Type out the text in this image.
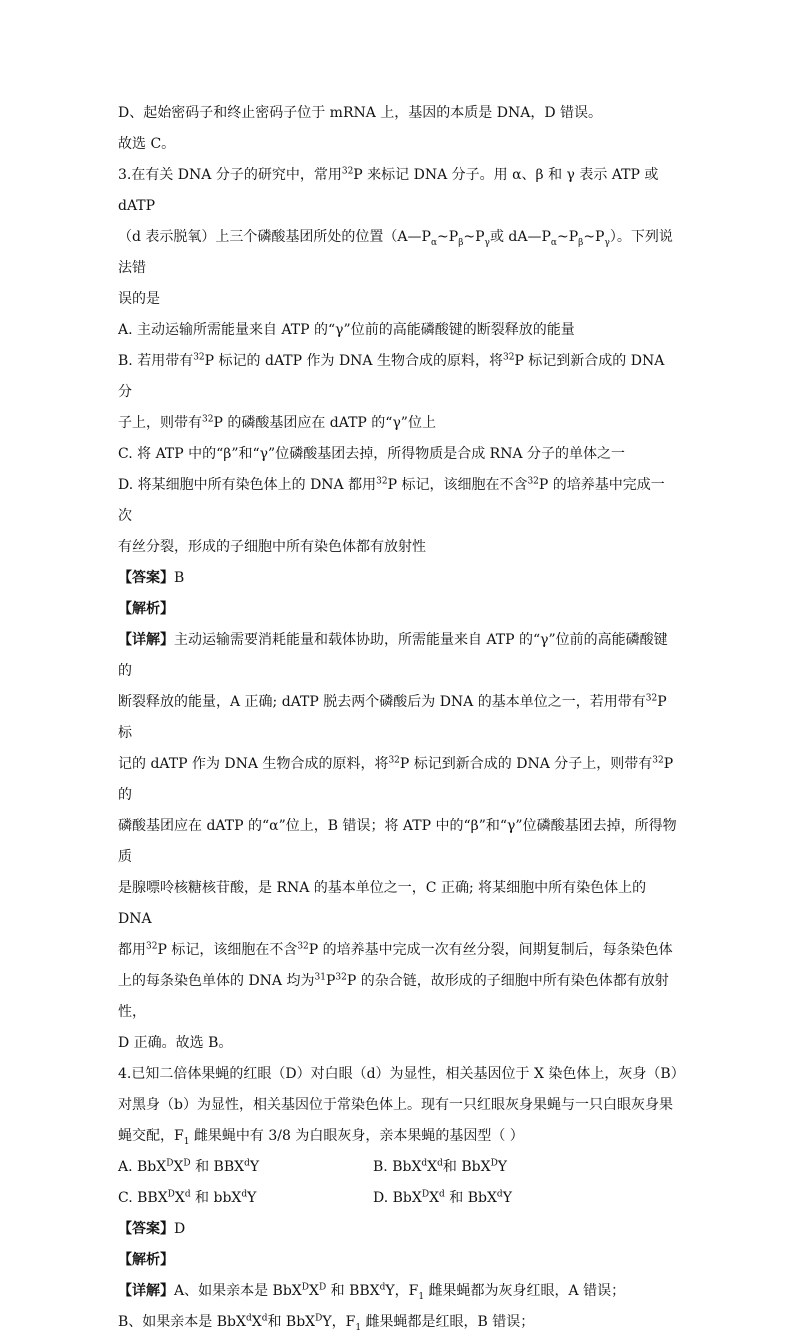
D、起始密码子和终止密码子位于 mRNA 上，基因的本质是 DNA，D 错误。

故选 C。

3.在有关 DNA 分子的研究中，常用$^{32}$P 来标记 DNA 分子。用 α、β 和 γ 表示 ATP 或 dATP

（d 表示脱氧）上三个磷酸基团所处的位置（$A—P_\alpha\sim P_\beta\sim P_\gamma$或 $dA—P_\alpha\sim P_\beta\sim P_\gamma$）。下列说法错

误的是

A. 主动运输所需能量来自 ATP 的“γ”位前的高能磷酸键的断裂释放的能量

B. 若用带有$^{32}$P 标记的 dATP 作为 DNA 生物合成的原料，将$^{32}$P 标记到新合成的 DNA 分

子上，则带有$^{32}$P 的磷酸基团应在 dATP 的“γ”位上

C. 将 ATP 中的“β”和“γ”位磷酸基团去掉，所得物质是合成 RNA 分子的单体之一

D. 将某细胞中所有染色体上的 DNA 都用$^{32}$P 标记，该细胞在不含$^{32}$P 的培养基中完成一次

有丝分裂，形成的子细胞中所有染色体都有放射性

【答案】B

【解析】

【详解】主动运输需要消耗能量和载体协助，所需能量来自 ATP 的“γ”位前的高能磷酸键的

断裂释放的能量，A 正确; dATP 脱去两个磷酸后为 DNA 的基本单位之一，若用带有$^{32}$P 标

记的 dATP 作为 DNA 生物合成的原料，将$^{32}$P 标记到新合成的 DNA 分子上，则带有$^{32}$P 的

磷酸基团应在 dATP 的“α”位上，B 错误；将 ATP 中的“β”和“γ”位磷酸基团去掉，所得物质

是腺嘌呤核糖核苷酸，是 RNA 的基本单位之一，C 正确; 将某细胞中所有染色体上的 DNA

都用$^{32}$P 标记，该细胞在不含$^{32}$P 的培养基中完成一次有丝分裂，间期复制后，每条染色体

上的每条染色单体的 DNA 均为$^{31}P^{32}P$ 的杂合链，故形成的子细胞中所有染色体都有放射性，

D 正确。故选 B。

4.已知二倍体果蝇的红眼（D）对白眼（d）为显性，相关基因位于 X 染色体上，灰身（B）

对黑身（b）为显性，相关基因位于常染色体上。现有一只红眼灰身果蝇与一只白眼灰身果

蝇交配，$F_1$ 雌果蝇中有 3/8 为白眼灰身，亲本果蝇的基因型（ ）

A. $BbX^DX^D$ 和 BBX$^d$Y	B. $BbX^dX^d$和 BbX$^D$Y
C. $BBX^DX^d$ 和 bbX$^d$Y	D. $BbX^DX^d$ 和 BbX$^d$Y

【答案】D

【解析】

【详解】A、如果亲本是 $BbX^DX^D$ 和 BBX$^d$Y，$F_1$ 雌果蝇都为灰身红眼，A 错误；

B、如果亲本是 $BbX^dX^d$和 BbX$^D$Y，$F_1$ 雌果蝇都是红眼，B 错误；
